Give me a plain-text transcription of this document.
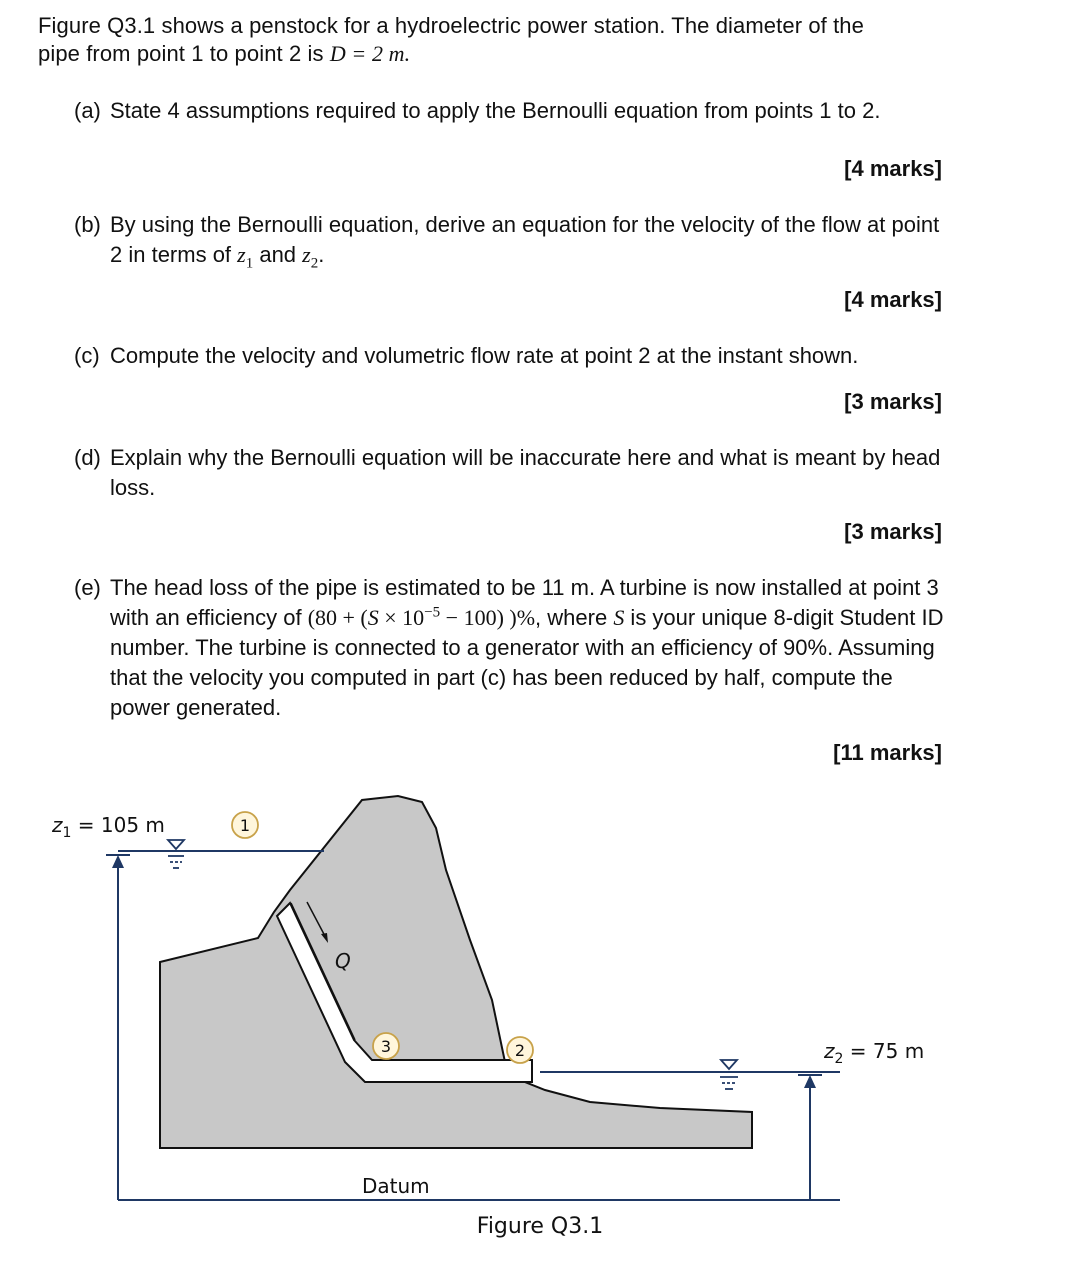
Figure Q3.1 shows a penstock for a hydroelectric power station. The diameter of the
pipe from point 1 to point 2 is D = 2 m.
(a) State 4 assumptions required to apply the Bernoulli equation from points 1 to 2.
[4 marks]
(b) By using the Bernoulli equation, derive an equation for the velocity of the flow at point 2 in terms of $z_1$ and $z_2$.
[4 marks]
(c) Compute the velocity and volumetric flow rate at point 2 at the instant shown.
[3 marks]
(d) Explain why the Bernoulli equation will be inaccurate here and what is meant by head loss.
[3 marks]
(e) The head loss of the pipe is estimated to be 11 m. A turbine is now installed at point 3 with an efficiency of ($80 + (S \times 10^{-5} - 100)$ )%, where S is your unique 8-digit Student ID number. The turbine is connected to a generator with an efficiency of 90%. Assuming that the velocity you computed in part (c) has been reduced by half, compute the power generated.
[11 marks]
$z_1 = 105$ m
$z_2 = 75$ m
Q
Datum
1
3	2
Figure Q3.1
